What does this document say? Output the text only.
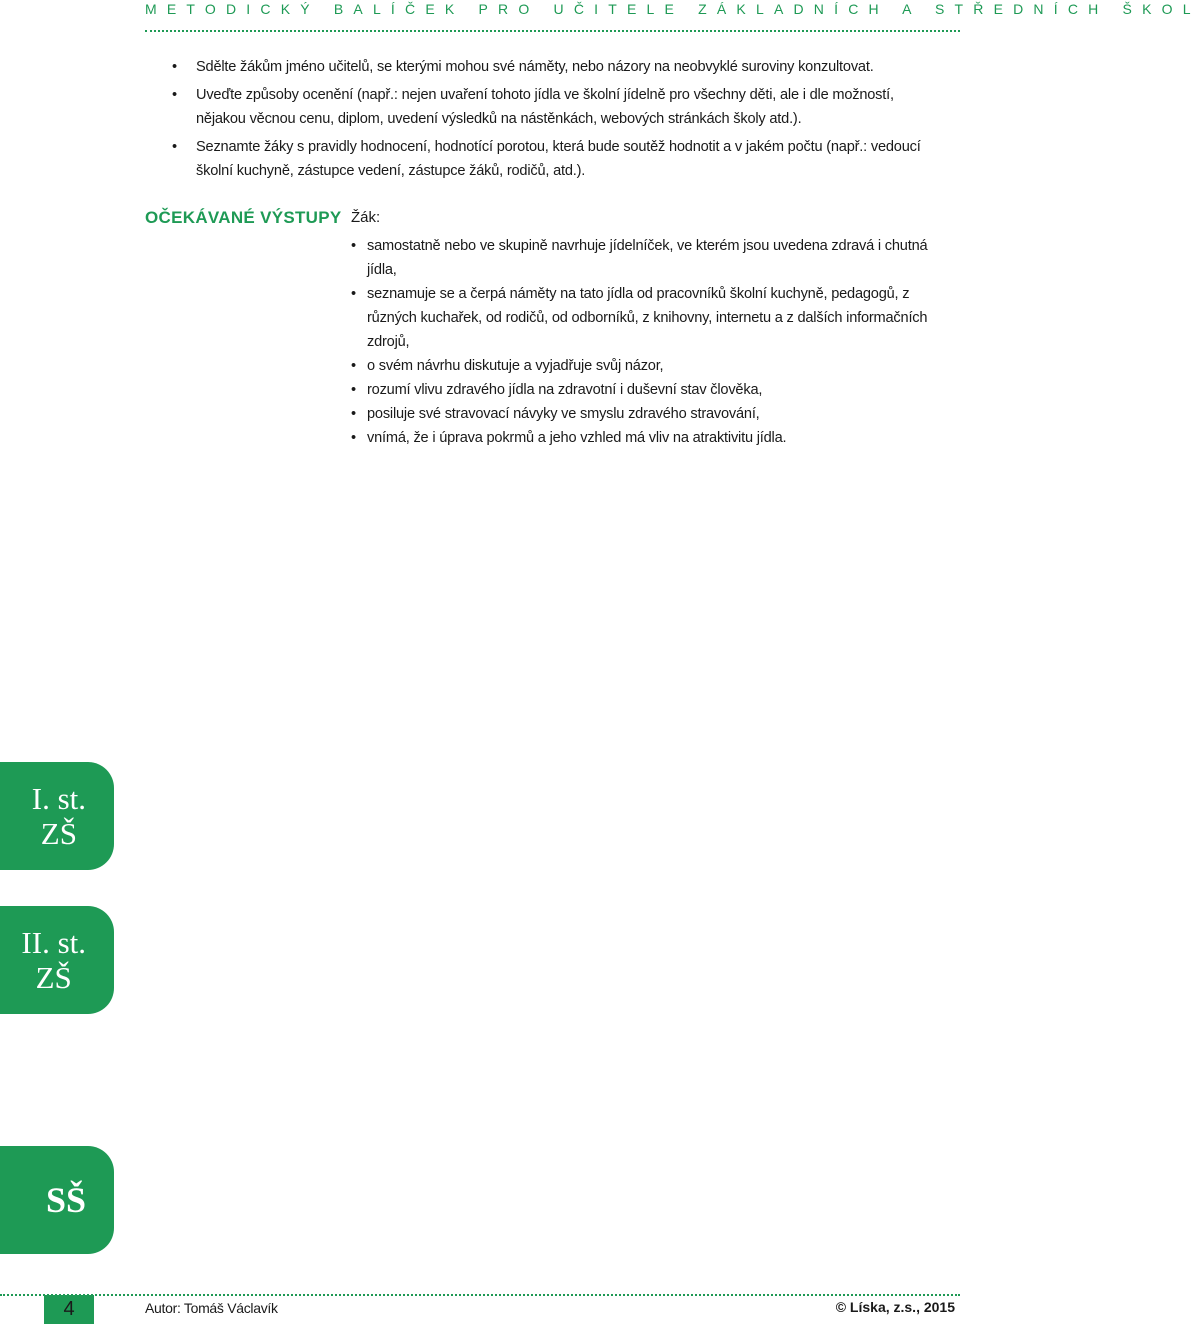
METODICKÝ BALÍČEK PRO UČITELE ZÁKLADNÍCH A STŘEDNÍCH ŠKOL
• Sdělte žákům jméno učitelů, se kterými mohou své náměty, nebo názory na neobvyklé suroviny konzultovat.
• Uveďte způsoby ocenění (např.: nejen uvaření tohoto jídla ve školní jídelně pro všechny děti, ale i dle možností, nějakou věcnou cenu, diplom, uvedení výsledků na nástěnkách, webových stránkách školy atd.).
• Seznamte žáky s pravidly hodnocení, hodnotící porotou, která bude soutěž hodnotit a v jakém počtu (např.: vedoucí školní kuchyně, zástupce vedení, zástupce žáků, rodičů, atd.).
OČEKÁVANÉ VÝSTUPY Žák:
• samostatně nebo ve skupině navrhuje jídelníček, ve kterém jsou uvedena zdravá i chutná jídla,
• seznamuje se a čerpá náměty na tato jídla od pracovníků školní kuchyně, pedagogů, z různých kuchařek, od rodičů, od odborníků, z knihovny, internetu a z dalších informačních zdrojů,
• o svém návrhu diskutuje a vyjadřuje svůj názor,
• rozumí vlivu zdravého jídla na zdravotní i duševní stav člověka,
• posiluje své stravovací návyky ve smyslu zdravého stravování,
• vnímá, že i úprava pokrmů a jeho vzhled má vliv na atraktivitu jídla.
I. st.
ZŠ
II. st.
ZŠ
SŠ
4	Autor: Tomáš Václavík	© Líska, z.s., 2015
